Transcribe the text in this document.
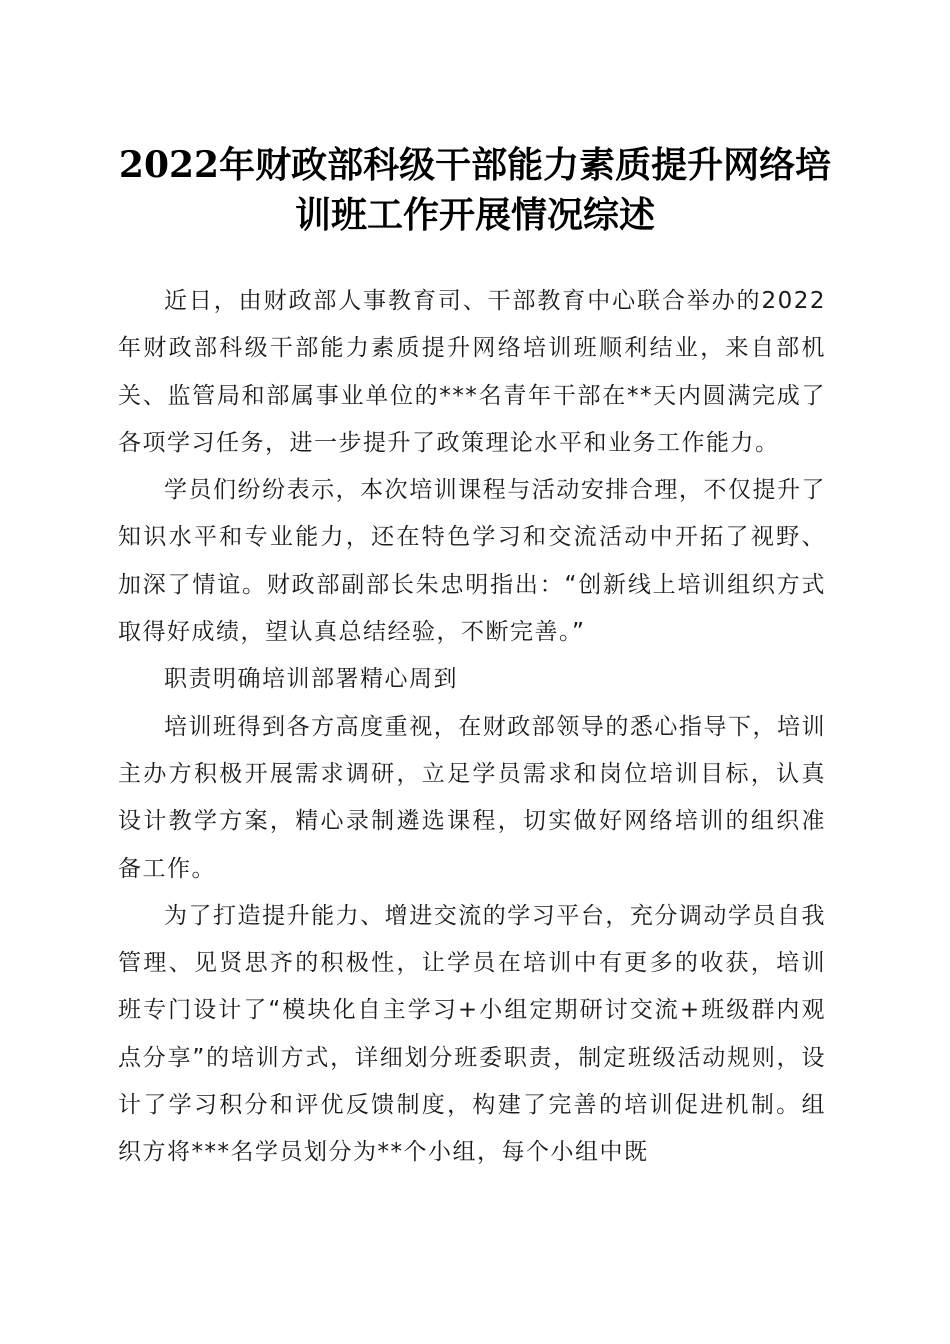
2022年财政部科级干部能力素质提升网络培
训班工作开展情况综述

近日，由财政部人事教育司、干部教育中心联合举办的2022年财政部科级干部能力素质提升网络培训班顺利结业，来自部机关、监管局和部属事业单位的***名青年干部在**天内圆满完成了各项学习任务，进一步提升了政策理论水平和业务工作能力。

学员们纷纷表示，本次培训课程与活动安排合理，不仅提升了知识水平和专业能力，还在特色学习和交流活动中开拓了视野、加深了情谊。财政部副部长朱忠明指出：“创新线上培训组织方式取得好成绩，望认真总结经验，不断完善。”

职责明确培训部署精心周到

培训班得到各方高度重视，在财政部领导的悉心指导下，培训主办方积极开展需求调研，立足学员需求和岗位培训目标，认真设计教学方案，精心录制遴选课程，切实做好网络培训的组织准备工作。

为了打造提升能力、增进交流的学习平台，充分调动学员自我管理、见贤思齐的积极性，让学员在培训中有更多的收获，培训班专门设计了“模块化自主学习+小组定期研讨交流+班级群内观点分享”的培训方式，详细划分班委职责，制定班级活动规则，设计了学习积分和评优反馈制度，构建了完善的培训促进机制。组织方将***名学员划分为**个小组，每个小组中既
